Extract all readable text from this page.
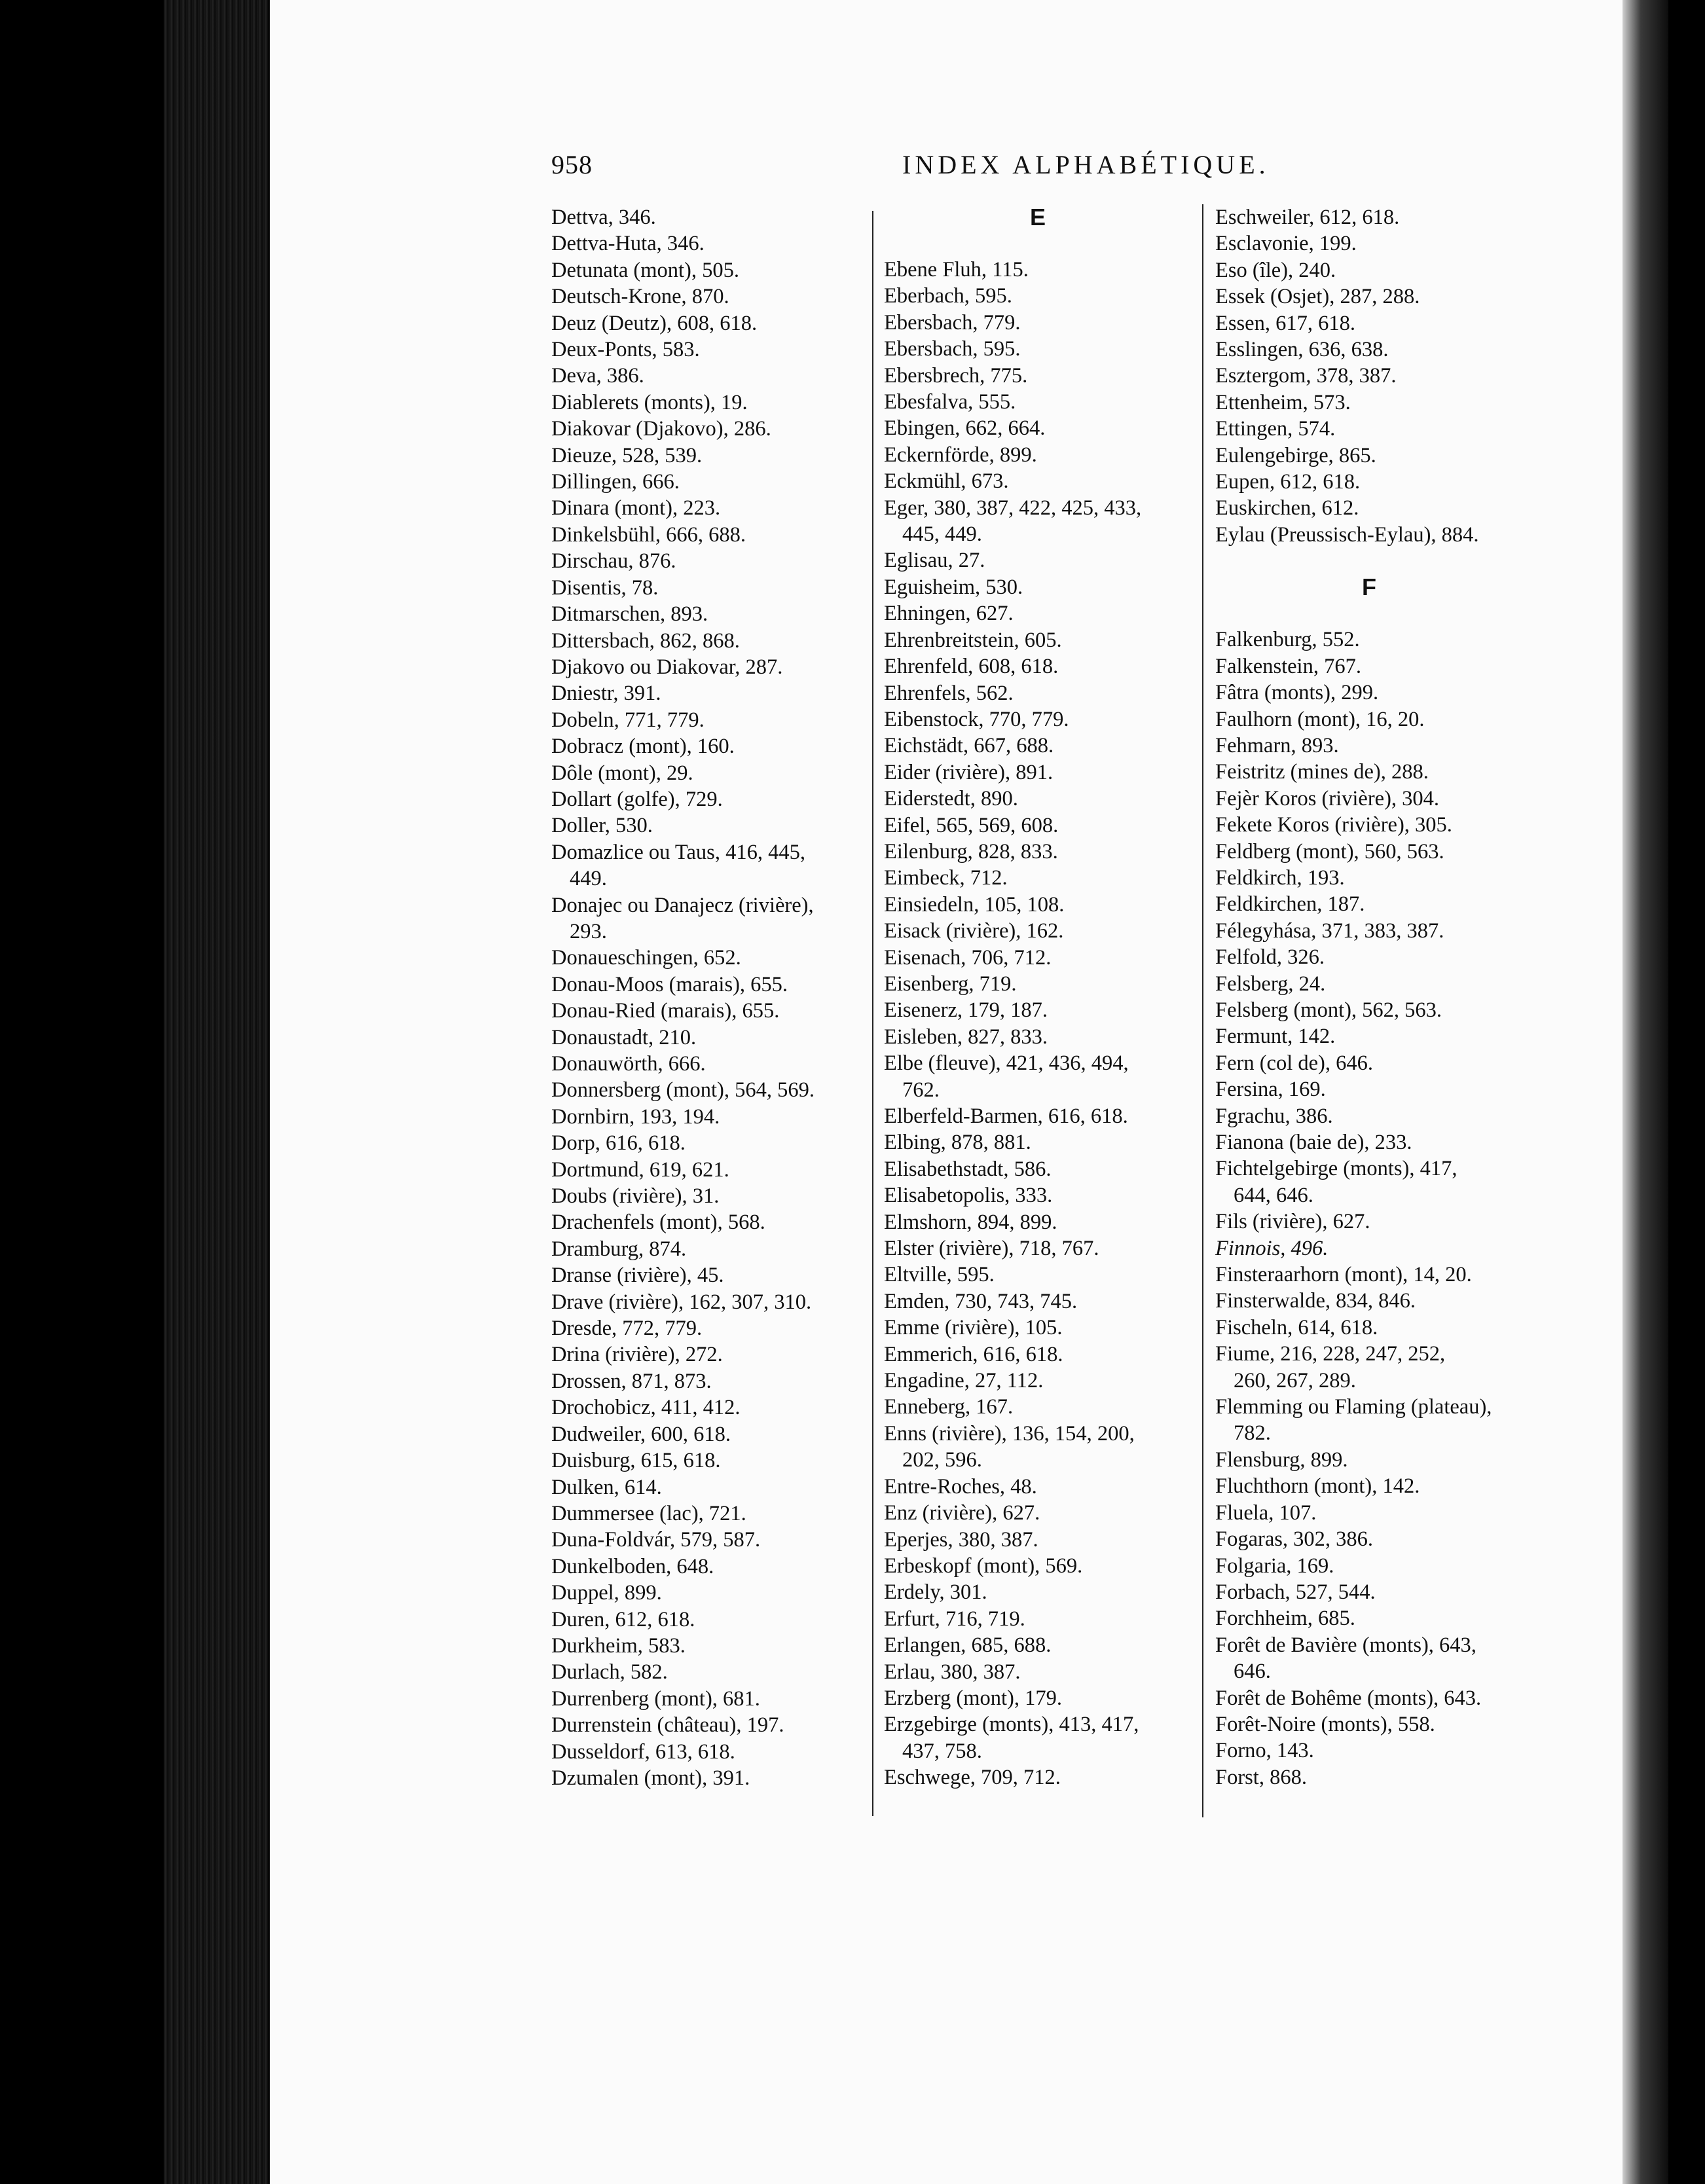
958	INDEX ALPHABÉTIQUE.
Dettva, 346.
Dettva-Huta, 346.
Detunata (mont), 505.
Deutsch-Krone, 870.
Deuz (Deutz), 608, 618.
Deux-Ponts, 583.
Deva, 386.
Diablerets (monts), 19.
Diakovar (Djakovo), 286.
Dieuze, 528, 539.
Dillingen, 666.
Dinara (mont), 223.
Dinkelsbühl, 666, 688.
Dirschau, 876.
Disentis, 78.
Ditmarschen, 893.
Dittersbach, 862, 868.
Djakovo ou Diakovar, 287.
Dniestr, 391.
Dobeln, 771, 779.
Dobracz (mont), 160.
Dôle (mont), 29.
Dollart (golfe), 729.
Doller, 530.
Domazlice ou Taus, 416, 445,
449.
Donajec ou Danajecz (rivière),
293.
Donaueschingen, 652.
Donau-Moos (marais), 655.
Donau-Ried (marais), 655.
Donaustadt, 210.
Donauwörth, 666.
Donnersberg (mont), 564, 569.
Dornbirn, 193, 194.
Dorp, 616, 618.
Dortmund, 619, 621.
Doubs (rivière), 31.
Drachenfels (mont), 568.
Dramburg, 874.
Dranse (rivière), 45.
Drave (rivière), 162, 307, 310.
Dresde, 772, 779.
Drina (rivière), 272.
Drossen, 871, 873.
Drochobicz, 411, 412.
Dudweiler, 600, 618.
Duisburg, 615, 618.
Dulken, 614.
Dummersee (lac), 721.
Duna-Foldvár, 579, 587.
Dunkelboden, 648.
Duppel, 899.
Duren, 612, 618.
Durkheim, 583.
Durlach, 582.
Durrenberg (mont), 681.
Durrenstein (château), 197.
Dusseldorf, 613, 618.
Dzumalen (mont), 391.
E
Ebene Fluh, 115.
Eberbach, 595.
Ebersbach, 779.
Ebersbach, 595.
Ebersbrech, 775.
Ebesfalva, 555.
Ebingen, 662, 664.
Eckernförde, 899.
Eckmühl, 673.
Eger, 380, 387, 422, 425, 433,
445, 449.
Eglisau, 27.
Eguisheim, 530.
Ehningen, 627.
Ehrenbreitstein, 605.
Ehrenfeld, 608, 618.
Ehrenfels, 562.
Eibenstock, 770, 779.
Eichstädt, 667, 688.
Eider (rivière), 891.
Eiderstedt, 890.
Eifel, 565, 569, 608.
Eilenburg, 828, 833.
Eimbeck, 712.
Einsiedeln, 105, 108.
Eisack (rivière), 162.
Eisenach, 706, 712.
Eisenberg, 719.
Eisenerz, 179, 187.
Eisleben, 827, 833.
Elbe (fleuve), 421, 436, 494,
762.
Elberfeld-Barmen, 616, 618.
Elbing, 878, 881.
Elisabethstadt, 586.
Elisabetopolis, 333.
Elmshorn, 894, 899.
Elster (rivière), 718, 767.
Eltville, 595.
Emden, 730, 743, 745.
Emme (rivière), 105.
Emmerich, 616, 618.
Engadine, 27, 112.
Enneberg, 167.
Enns (rivière), 136, 154, 200,
202, 596.
Entre-Roches, 48.
Enz (rivière), 627.
Eperjes, 380, 387.
Erbeskopf (mont), 569.
Erdely, 301.
Erfurt, 716, 719.
Erlangen, 685, 688.
Erlau, 380, 387.
Erzberg (mont), 179.
Erzgebirge (monts), 413, 417,
437, 758.
Eschwege, 709, 712.
Eschweiler, 612, 618.
Esclavonie, 199.
Eso (île), 240.
Essek (Osjet), 287, 288.
Essen, 617, 618.
Esslingen, 636, 638.
Esztergom, 378, 387.
Ettenheim, 573.
Ettingen, 574.
Eulengebirge, 865.
Eupen, 612, 618.
Euskirchen, 612.
Eylau (Preussisch-Eylau), 884.
F
Falkenburg, 552.
Falkenstein, 767.
Fâtra (monts), 299.
Faulhorn (mont), 16, 20.
Fehmarn, 893.
Feistritz (mines de), 288.
Fejèr Koros (rivière), 304.
Fekete Koros (rivière), 305.
Feldberg (mont), 560, 563.
Feldkirch, 193.
Feldkirchen, 187.
Félegyhása, 371, 383, 387.
Felfold, 326.
Felsberg, 24.
Felsberg (mont), 562, 563.
Fermunt, 142.
Fern (col de), 646.
Fersina, 169.
Fgrachu, 386.
Fianona (baie de), 233.
Fichtelgebirge (monts), 417,
644, 646.
Fils (rivière), 627.
Finnois, 496.
Finsteraarhorn (mont), 14, 20.
Finsterwalde, 834, 846.
Fischeln, 614, 618.
Fiume, 216, 228, 247, 252,
260, 267, 289.
Flemming ou Flaming (plateau),
782.
Flensburg, 899.
Fluchthorn (mont), 142.
Fluela, 107.
Fogaras, 302, 386.
Folgaria, 169.
Forbach, 527, 544.
Forchheim, 685.
Forêt de Bavière (monts), 643,
646.
Forêt de Bohême (monts), 643.
Forêt-Noire (monts), 558.
Forno, 143.
Forst, 868.
